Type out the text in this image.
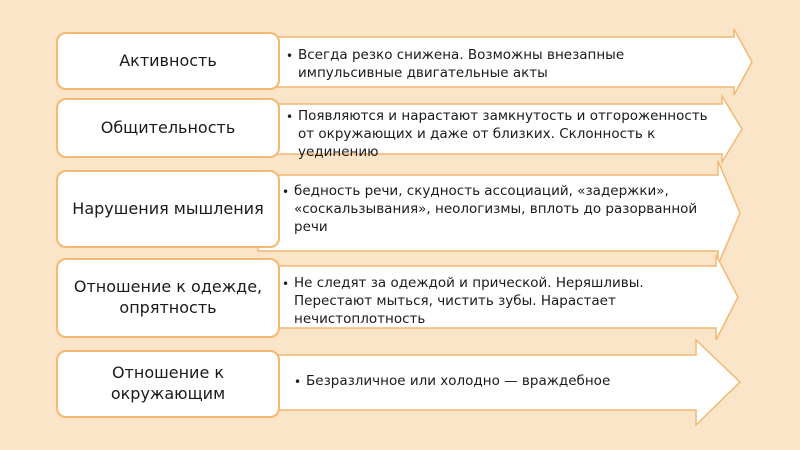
Активность	• Всегда резко снижена. Возможны внезапные импульсивные двигательные акты
Общительность
• Появляются и нарастают замкнутость и отгороженность от окружающих и даже от близких. Склонность к уединению
Нарушения мышления
• бедность речи, скудность ассоциаций, «задержки», «соскальзывания», неологизмы, вплоть до разорванной речи
Отношение к одежде, опрятность
• Не следят за одеждой и прической. Неряшливы. Перестают мыться, чистить зубы. Нарастает нечистоплотность
Отношение к окружающим
• Безразличное или холодно — враждебное
